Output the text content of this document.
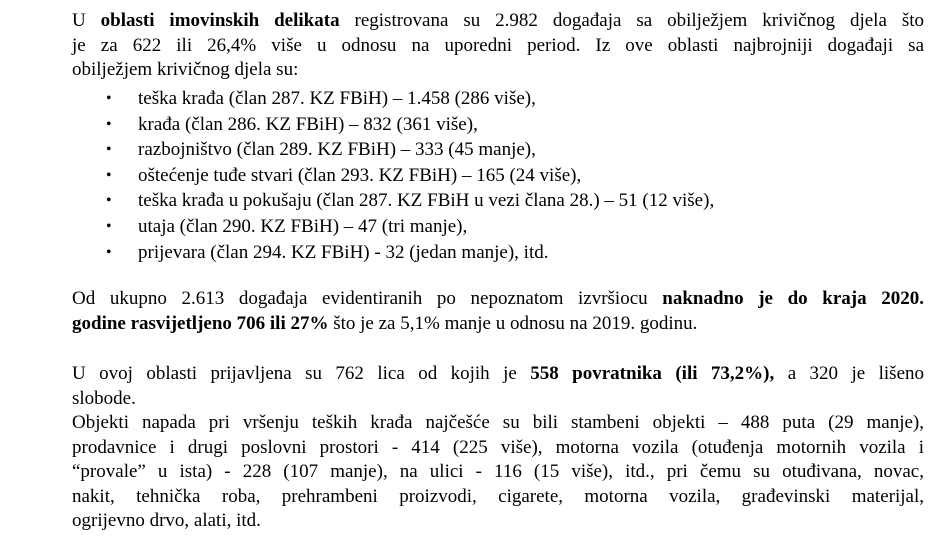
U oblasti imovinskih delikata registrovana su 2.982 događaja sa obilježjem krivičnog djela što
je za 622 ili 26,4% više u odnosu na uporedni period. Iz ove oblasti najbrojniji događaji sa
obilježjem krivičnog djela su:
• teška krađa (član 287. KZ FBiH) – 1.458 (286 više),
• krađa (član 286. KZ FBiH) – 832 (361 više),
• razbojništvo (član 289. KZ FBiH) – 333 (45 manje),
• oštećenje tuđe stvari (član 293. KZ FBiH) – 165 (24 više),
• teška krađa u pokušaju (član 287. KZ FBiH u vezi člana 28.) – 51 (12 više),
• utaja (član 290. KZ FBiH) – 47 (tri manje),
• prijevara (član 294. KZ FBiH) - 32 (jedan manje), itd.
Od ukupno 2.613 događaja evidentiranih po nepoznatom izvršiocu naknadno je do kraja 2020.
godine rasvijetljeno 706 ili 27% što je za 5,1% manje u odnosu na 2019. godinu.
U ovoj oblasti prijavljena su 762 lica od kojih je 558 povratnika (ili 73,2%), a 320 je lišeno
slobode.
Objekti napada pri vršenju teških krađa najčešće su bili stambeni objekti – 488 puta (29 manje),
prodavnice i drugi poslovni prostori - 414 (225 više), motorna vozila (otuđenja motornih vozila i
“provale” u ista) - 228 (107 manje), na ulici - 116 (15 više), itd., pri čemu su otuđivana, novac,
nakit, tehnička roba, prehrambeni proizvodi, cigarete, motorna vozila, građevinski materijal,
ogrijevno drvo, alati, itd.
